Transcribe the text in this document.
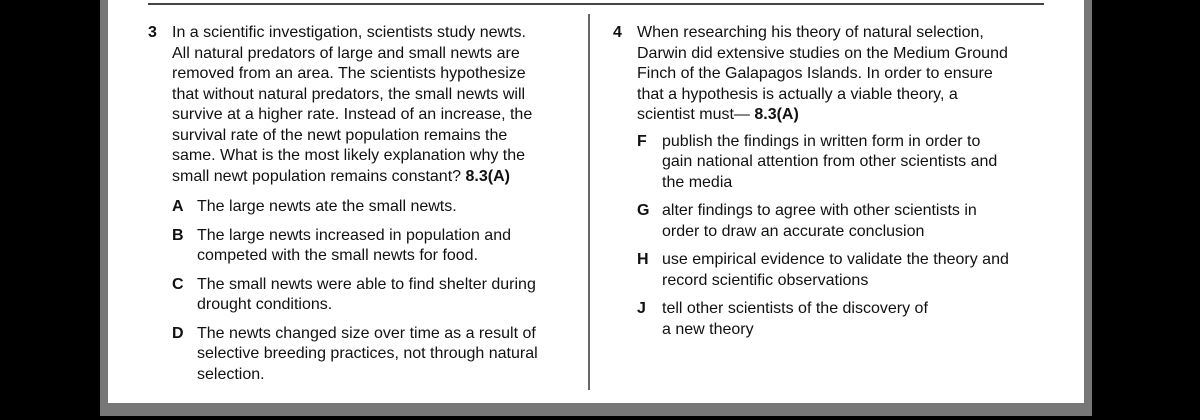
3 In a scientific investigation, scientists study newts.
All natural predators of large and small newts are
removed from an area. The scientists hypothesize
that without natural predators, the small newts will
survive at a higher rate. Instead of an increase, the
survival rate of the newt population remains the
same. What is the most likely explanation why the
small newt population remains constant? 8.3(A)
A The large newts ate the small newts.
B The large newts increased in population and
competed with the small newts for food.
C The small newts were able to find shelter during
drought conditions.
D The newts changed size over time as a result of
selective breeding practices, not through natural
selection.
4 When researching his theory of natural selection,
Darwin did extensive studies on the Medium Ground
Finch of the Galapagos Islands. In order to ensure
that a hypothesis is actually a viable theory, a
scientist must— 8.3(A)
F publish the findings in written form in order to
gain national attention from other scientists and
the media
G alter findings to agree with other scientists in
order to draw an accurate conclusion
H use empirical evidence to validate the theory and
record scientific observations
J tell other scientists of the discovery of
a new theory
